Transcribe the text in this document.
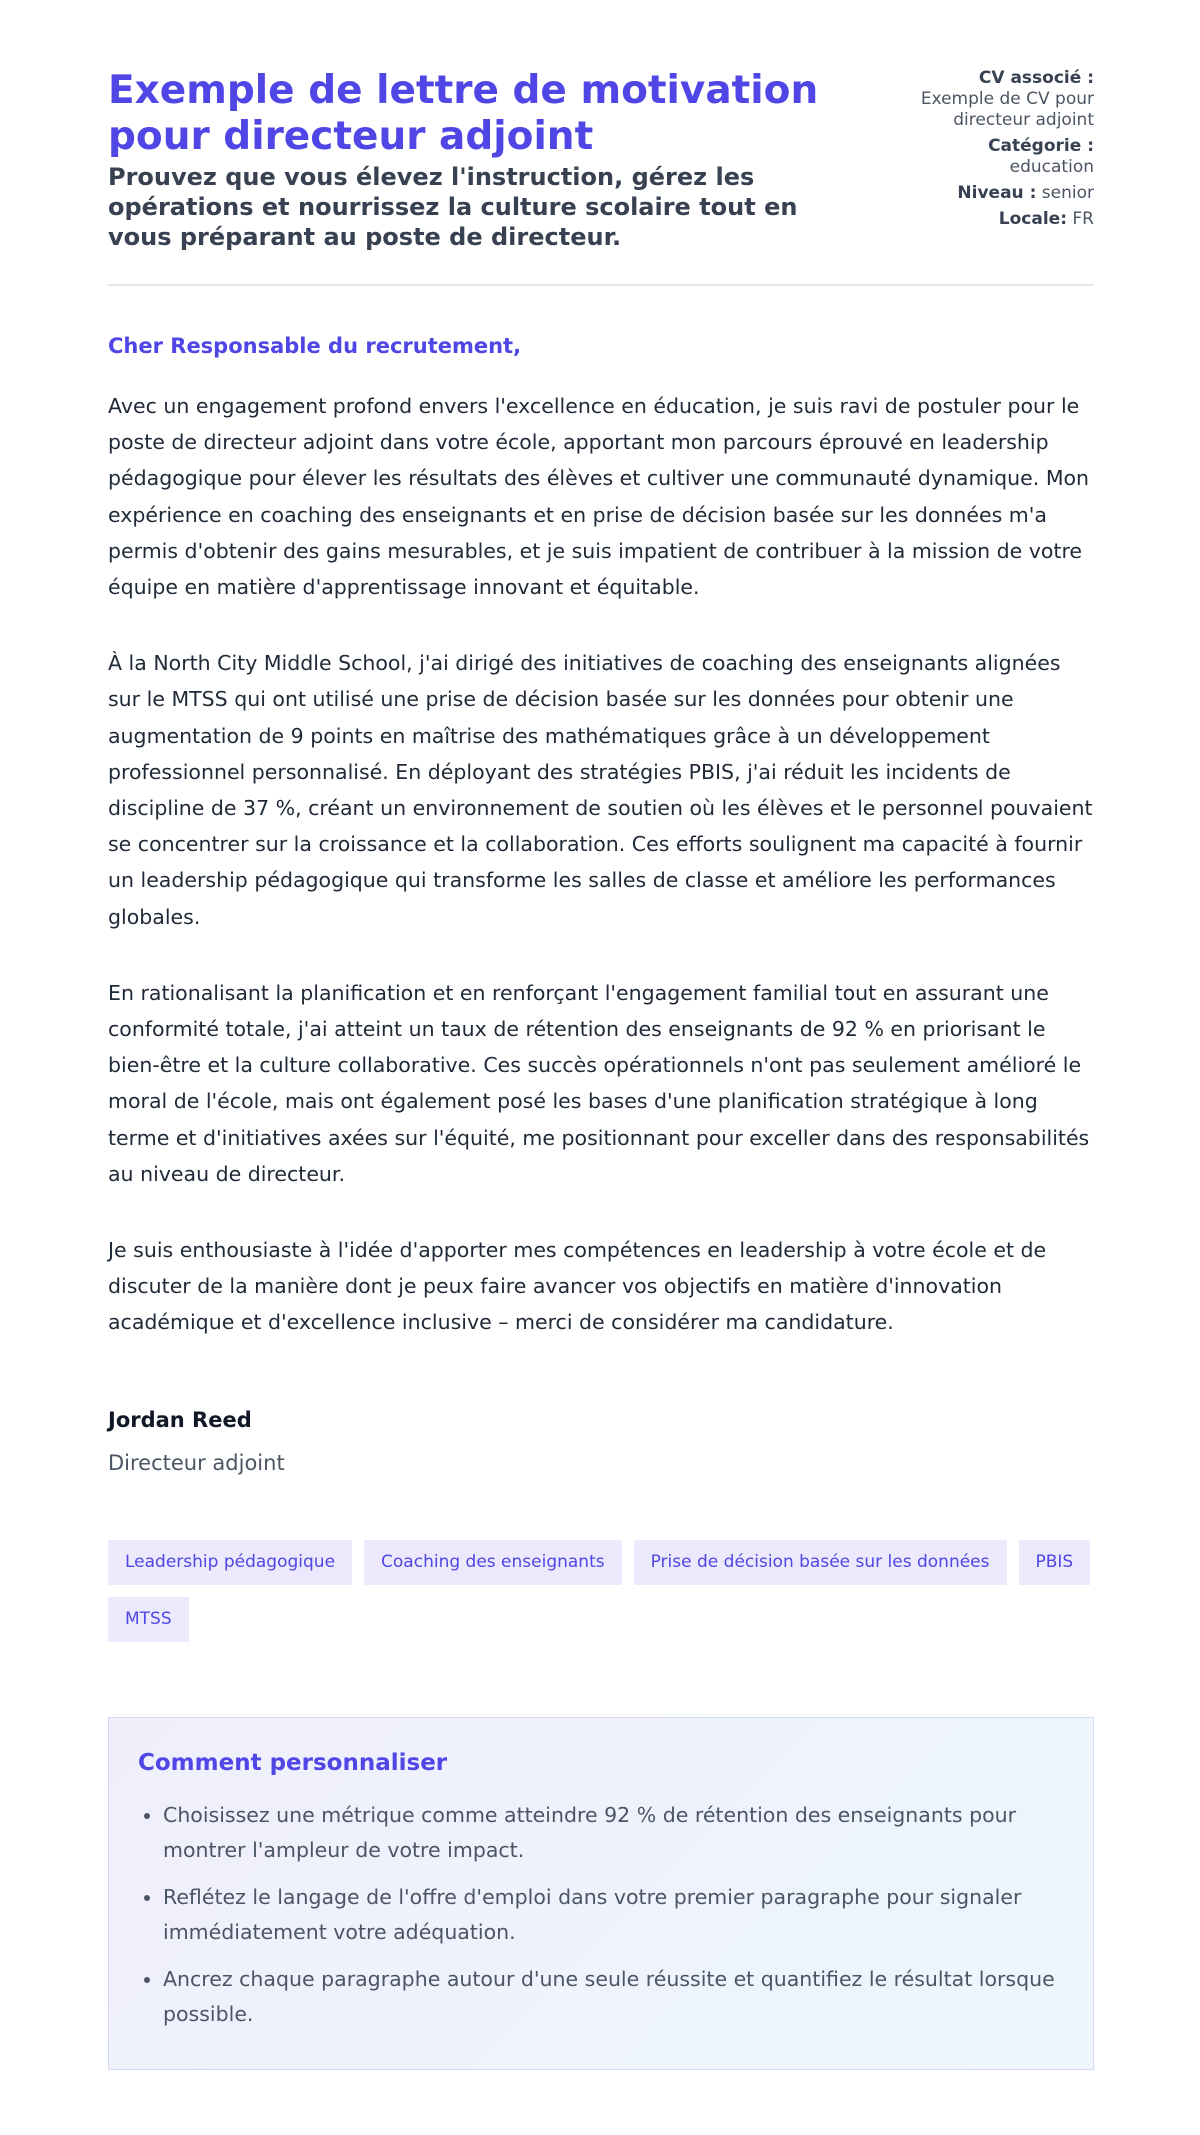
Exemple de lettre de motivation pour directeur adjoint

Prouvez que vous élevez l'instruction, gérez les opérations et nourrissez la culture scolaire tout en vous préparant au poste de directeur.

CV associé :
Exemple de CV pour directeur adjoint
Catégorie :
education
Niveau : senior
Locale: FR
Cher Responsable du recrutement,

Avec un engagement profond envers l'excellence en éducation, je suis ravi de postuler pour le poste de directeur adjoint dans votre école, apportant mon parcours éprouvé en leadership pédagogique pour élever les résultats des élèves et cultiver une communauté dynamique. Mon expérience en coaching des enseignants et en prise de décision basée sur les données m'a permis d'obtenir des gains mesurables, et je suis impatient de contribuer à la mission de votre équipe en matière d'apprentissage innovant et équitable.

À la North City Middle School, j'ai dirigé des initiatives de coaching des enseignants alignées sur le MTSS qui ont utilisé une prise de décision basée sur les données pour obtenir une augmentation de 9 points en maîtrise des mathématiques grâce à un développement professionnel personnalisé. En déployant des stratégies PBIS, j'ai réduit les incidents de discipline de 37 %, créant un environnement de soutien où les élèves et le personnel pouvaient se concentrer sur la croissance et la collaboration. Ces efforts soulignent ma capacité à fournir un leadership pédagogique qui transforme les salles de classe et améliore les performances globales.

En rationalisant la planification et en renforçant l'engagement familial tout en assurant une conformité totale, j'ai atteint un taux de rétention des enseignants de 92 % en priorisant le bien-être et la culture collaborative. Ces succès opérationnels n'ont pas seulement amélioré le moral de l'école, mais ont également posé les bases d'une planification stratégique à long terme et d'initiatives axées sur l'équité, me positionnant pour exceller dans des responsabilités au niveau de directeur.

Je suis enthousiaste à l'idée d'apporter mes compétences en leadership à votre école et de discuter de la manière dont je peux faire avancer vos objectifs en matière d'innovation académique et d'excellence inclusive – merci de considérer ma candidature.

Jordan Reed
Directeur adjoint
Leadership pédagogique	Coaching des enseignants	Prise de décision basée sur les données	PBIS
MTSS
Comment personnaliser
• Choisissez une métrique comme atteindre 92 % de rétention des enseignants pour montrer l'ampleur de votre impact.
• Reflétez le langage de l'offre d'emploi dans votre premier paragraphe pour signaler immédiatement votre adéquation.
• Ancrez chaque paragraphe autour d'une seule réussite et quantifiez le résultat lorsque possible.
